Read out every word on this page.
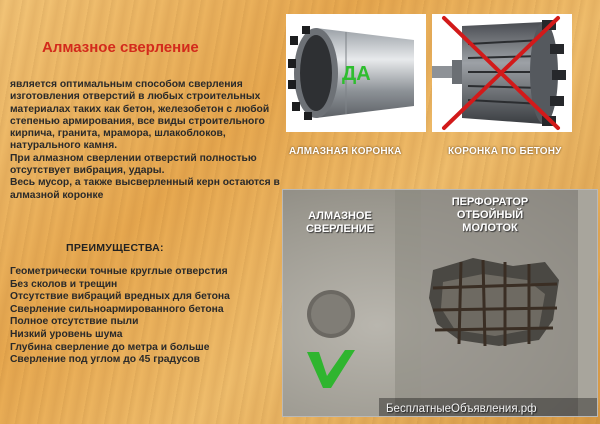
Алмазное сверление

является оптимальным способом сверления изготовления отверстий в любых строительных материалах таких как бетон, железобетон с любой степенью армирования, все виды строительного кирпича, гранита, мрамора, шлакоблоков, натурального камня.

При алмазном сверлении отверстий полностью отсутствует вибрация, удары.

Весь мусор, а также высверленный керн остаются в алмазной коронке

ПРЕИМУЩЕСТВА:
Геометрически точные круглые отверстия
Без сколов и трещин
Отсутствие вибраций вредных для бетона
Сверление сильноармированного бетона
Полное отсутствие пыли
Низкий уровень шума
Глубина сверление до метра и больше
Сверление под углом до 45 градусов
ДА
АЛМАЗНАЯ КОРОНКА	КОРОНКА ПО БЕТОНУ
АЛМАЗНОЕ СВЕРЛЕНИЕ
ПЕРФОРАТОР ОТБОЙНЫЙ МОЛОТОК
БесплатныеОбъявления.рф
